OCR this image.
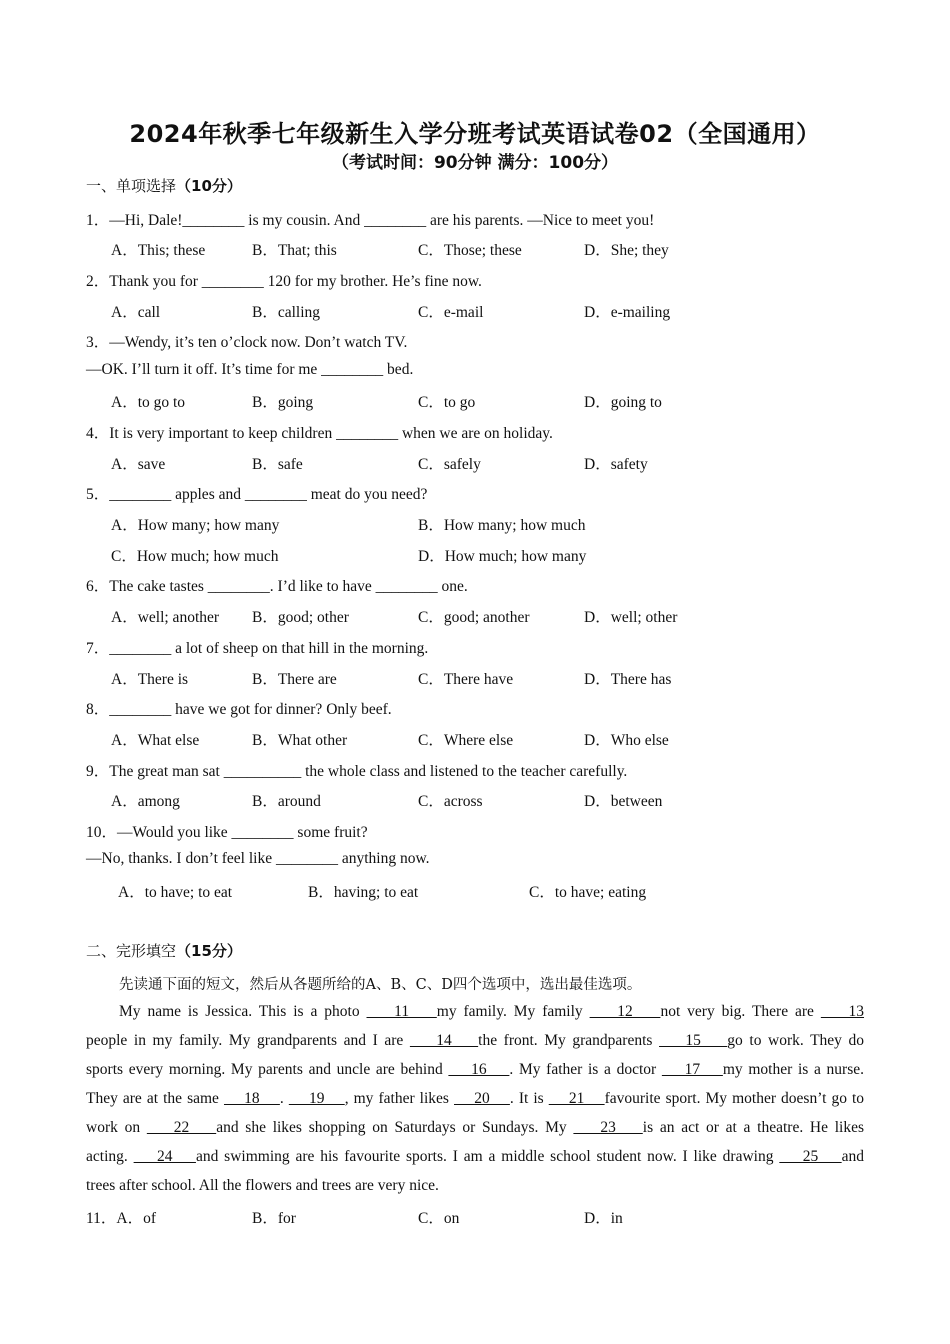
2024年秋季七年级新生入学分班考试英语试卷02（全国通用）
（考试时间：90分钟 满分：100分）
一、单项选择（10分）
1．—Hi, Dale!________ is my cousin. And ________ are his parents. —Nice to meet you!
A．This; these	B．That; this	C．Those; these	D．She; they
2．Thank you for ________ 120 for my brother. He’s fine now.
A．call	B．calling	C．e-mail	D．e-mailing
3．—Wendy, it’s ten o’clock now. Don’t watch TV.
—OK. I’ll turn it off. It’s time for me ________ bed.
A．to go to	B．going	C．to go	D．going to
4．It is very important to keep children ________ when we are on holiday.
A．save	B．safe	C．safely	D．safety
5．________ apples and ________ meat do you need?
A．How many; how many	B．How many; how much
C．How much; how much	D．How much; how many
6．The cake tastes ________. I’d like to have ________ one.
A．well; another B．good; other	C．good; another	D．well; other
7．________ a lot of sheep on that hill in the morning.
A．There is	B．There are	C．There have	D．There has
8．________ have we got for dinner? Only beef.
A．What else	B．What other	C．Where else	D．Who else
9．The great man sat __________ the whole class and listened to the teacher carefully.
A．among	B．around	C．across	D．between
10．—Would you like ________ some fruit?
—No, thanks. I don’t feel like ________ anything now.
A．to have; to eat	B．having; to eat	C．to have; eating
二、完形填空（15分）
先读通下面的短文，然后从各题所给的A、B、C、D四个选项中，选出最佳选项。
My name is Jessica. This is a photo     11    my family. My family     12    not very big. There are     13
people in my family. My grandparents and I are     14    the front. My grandparents     15    go to work. They do
sports every morning. My parents and uncle are behind     16    . My father is a doctor     17    my mother is a nurse.
They are at the same     18    .     19    , my father likes     20    . It is     21    favourite sport. My mother doesn’t go to
work on     22    and she likes shopping on Saturdays or Sundays. My     23    is an act or at a theatre. He likes
acting.     24    and swimming are his favourite sports. I am a middle school student now. I like drawing     25    and
trees after school. All the flowers and trees are very nice.
11．A．of	B．for	C．on	D．in
